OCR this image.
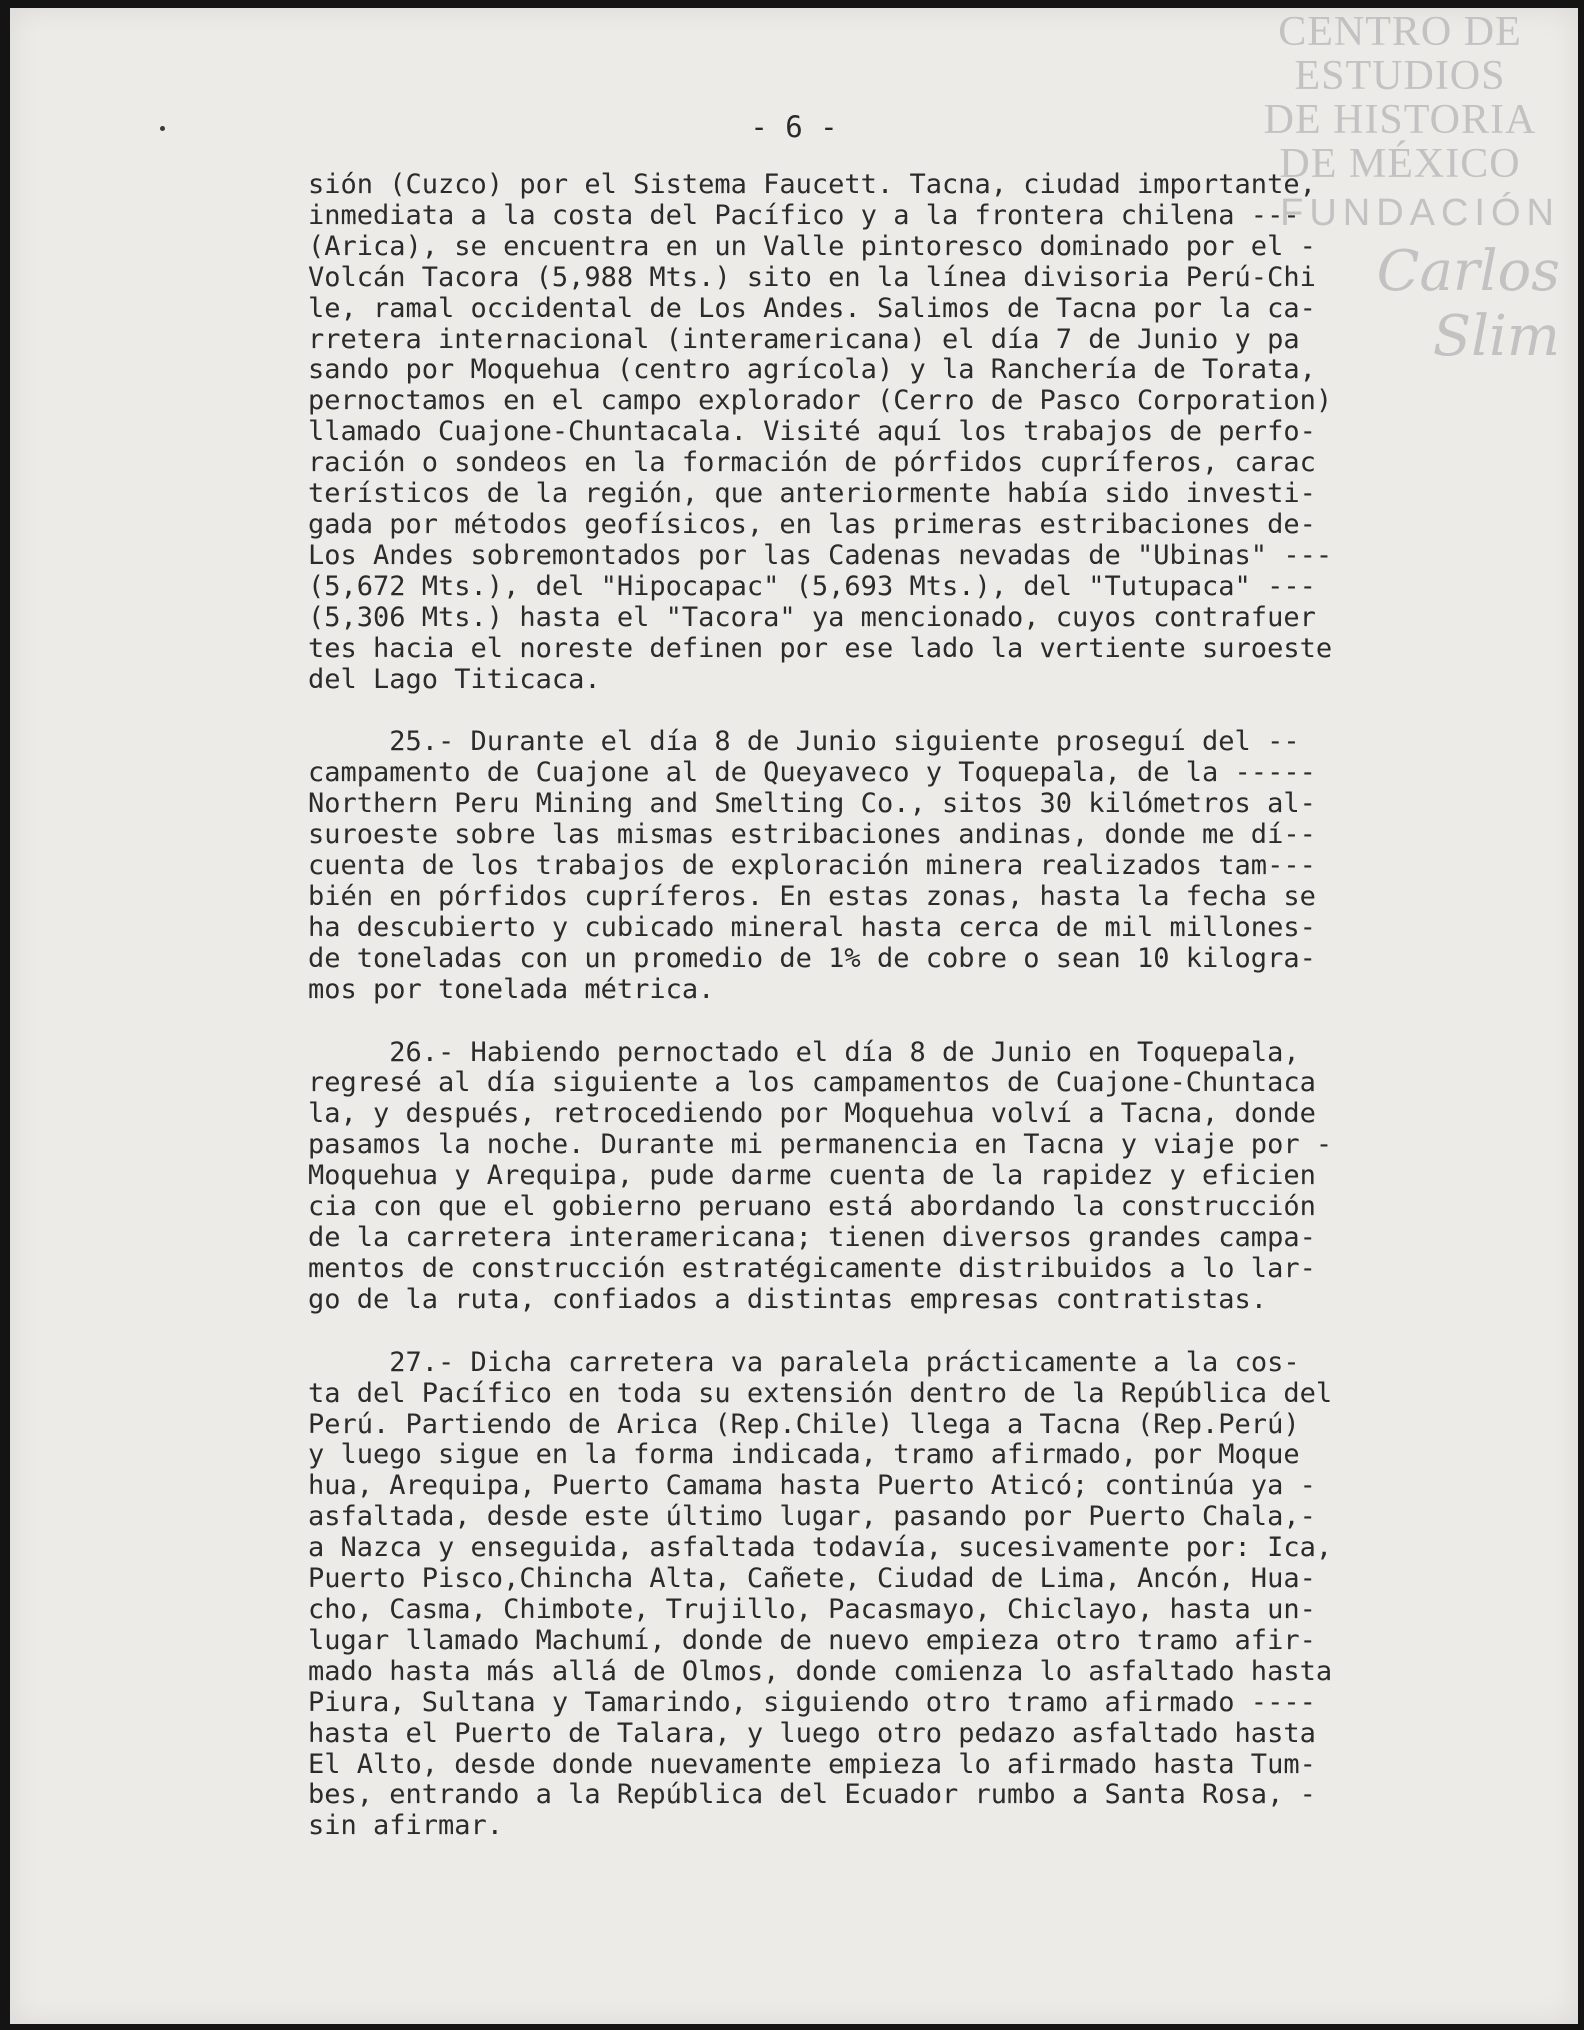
CENTRO DE
ESTUDIOS
DE HISTORIA
DE MÉXICO
FUNDACIÓN
Carlos Slim
- 6 -

sión (Cuzco) por el Sistema Faucett. Tacna, ciudad importante,
inmediata a la costa del Pacífico y a la frontera chilena ---
(Arica), se encuentra en un Valle pintoresco dominado por el -
Volcán Tacora (5,988 Mts.) sito en la línea divisoria Perú-Chi
le, ramal occidental de Los Andes. Salimos de Tacna por la ca-
rretera internacional (interamericana) el día 7 de Junio y pa
sando por Moquehua (centro agrícola) y la Ranchería de Torata,
pernoctamos en el campo explorador (Cerro de Pasco Corporation)
llamado Cuajone-Chuntacala. Visité aquí los trabajos de perfo-
ración o sondeos en la formación de pórfidos cupríferos, carac
terísticos de la región, que anteriormente había sido investi-
gada por métodos geofísicos, en las primeras estribaciones de-
Los Andes sobremontados por las Cadenas nevadas de "Ubinas" ---
(5,672 Mts.), del "Hipocapac" (5,693 Mts.), del "Tutupaca" ---
(5,306 Mts.) hasta el "Tacora" ya mencionado, cuyos contrafuer
tes hacia el noreste definen por ese lado la vertiente suroeste
del Lago Titicaca.

25.- Durante el día 8 de Junio siguiente proseguí del --
campamento de Cuajone al de Queyaveco y Toquepala, de la -----
Northern Peru Mining and Smelting Co., sitos 30 kilómetros al-
suroeste sobre las mismas estribaciones andinas, donde me dí--
cuenta de los trabajos de exploración minera realizados tam---
bién en pórfidos cupríferos. En estas zonas, hasta la fecha se
ha descubierto y cubicado mineral hasta cerca de mil millones-
de toneladas con un promedio de 1% de cobre o sean 10 kilogra-
mos por tonelada métrica.

26.- Habiendo pernoctado el día 8 de Junio en Toquepala,
regresé al día siguiente a los campamentos de Cuajone-Chuntaca
la, y después, retrocediendo por Moquehua volví a Tacna, donde
pasamos la noche. Durante mi permanencia en Tacna y viaje por -
Moquehua y Arequipa, pude darme cuenta de la rapidez y eficien
cia con que el gobierno peruano está abordando la construcción
de la carretera interamericana; tienen diversos grandes campa-
mentos de construcción estratégicamente distribuidos a lo lar-
go de la ruta, confiados a distintas empresas contratistas.

27.- Dicha carretera va paralela prácticamente a la cos-
ta del Pacífico en toda su extensión dentro de la República del
Perú. Partiendo de Arica (Rep.Chile) llega a Tacna (Rep.Perú)
y luego sigue en la forma indicada, tramo afirmado, por Moque
hua, Arequipa, Puerto Camama hasta Puerto Aticó; continúa ya -
asfaltada, desde este último lugar, pasando por Puerto Chala,-
a Nazca y enseguida, asfaltada todavía, sucesivamente por: Ica,
Puerto Pisco,Chincha Alta, Cañete, Ciudad de Lima, Ancón, Hua-
cho, Casma, Chimbote, Trujillo, Pacasmayo, Chiclayo, hasta un-
lugar llamado Machumí, donde de nuevo empieza otro tramo afir-
mado hasta más allá de Olmos, donde comienza lo asfaltado hasta
Piura, Sultana y Tamarindo, siguiendo otro tramo afirmado ----
hasta el Puerto de Talara, y luego otro pedazo asfaltado hasta
El Alto, desde donde nuevamente empieza lo afirmado hasta Tum-
bes, entrando a la República del Ecuador rumbo a Santa Rosa, -
sin afirmar.
